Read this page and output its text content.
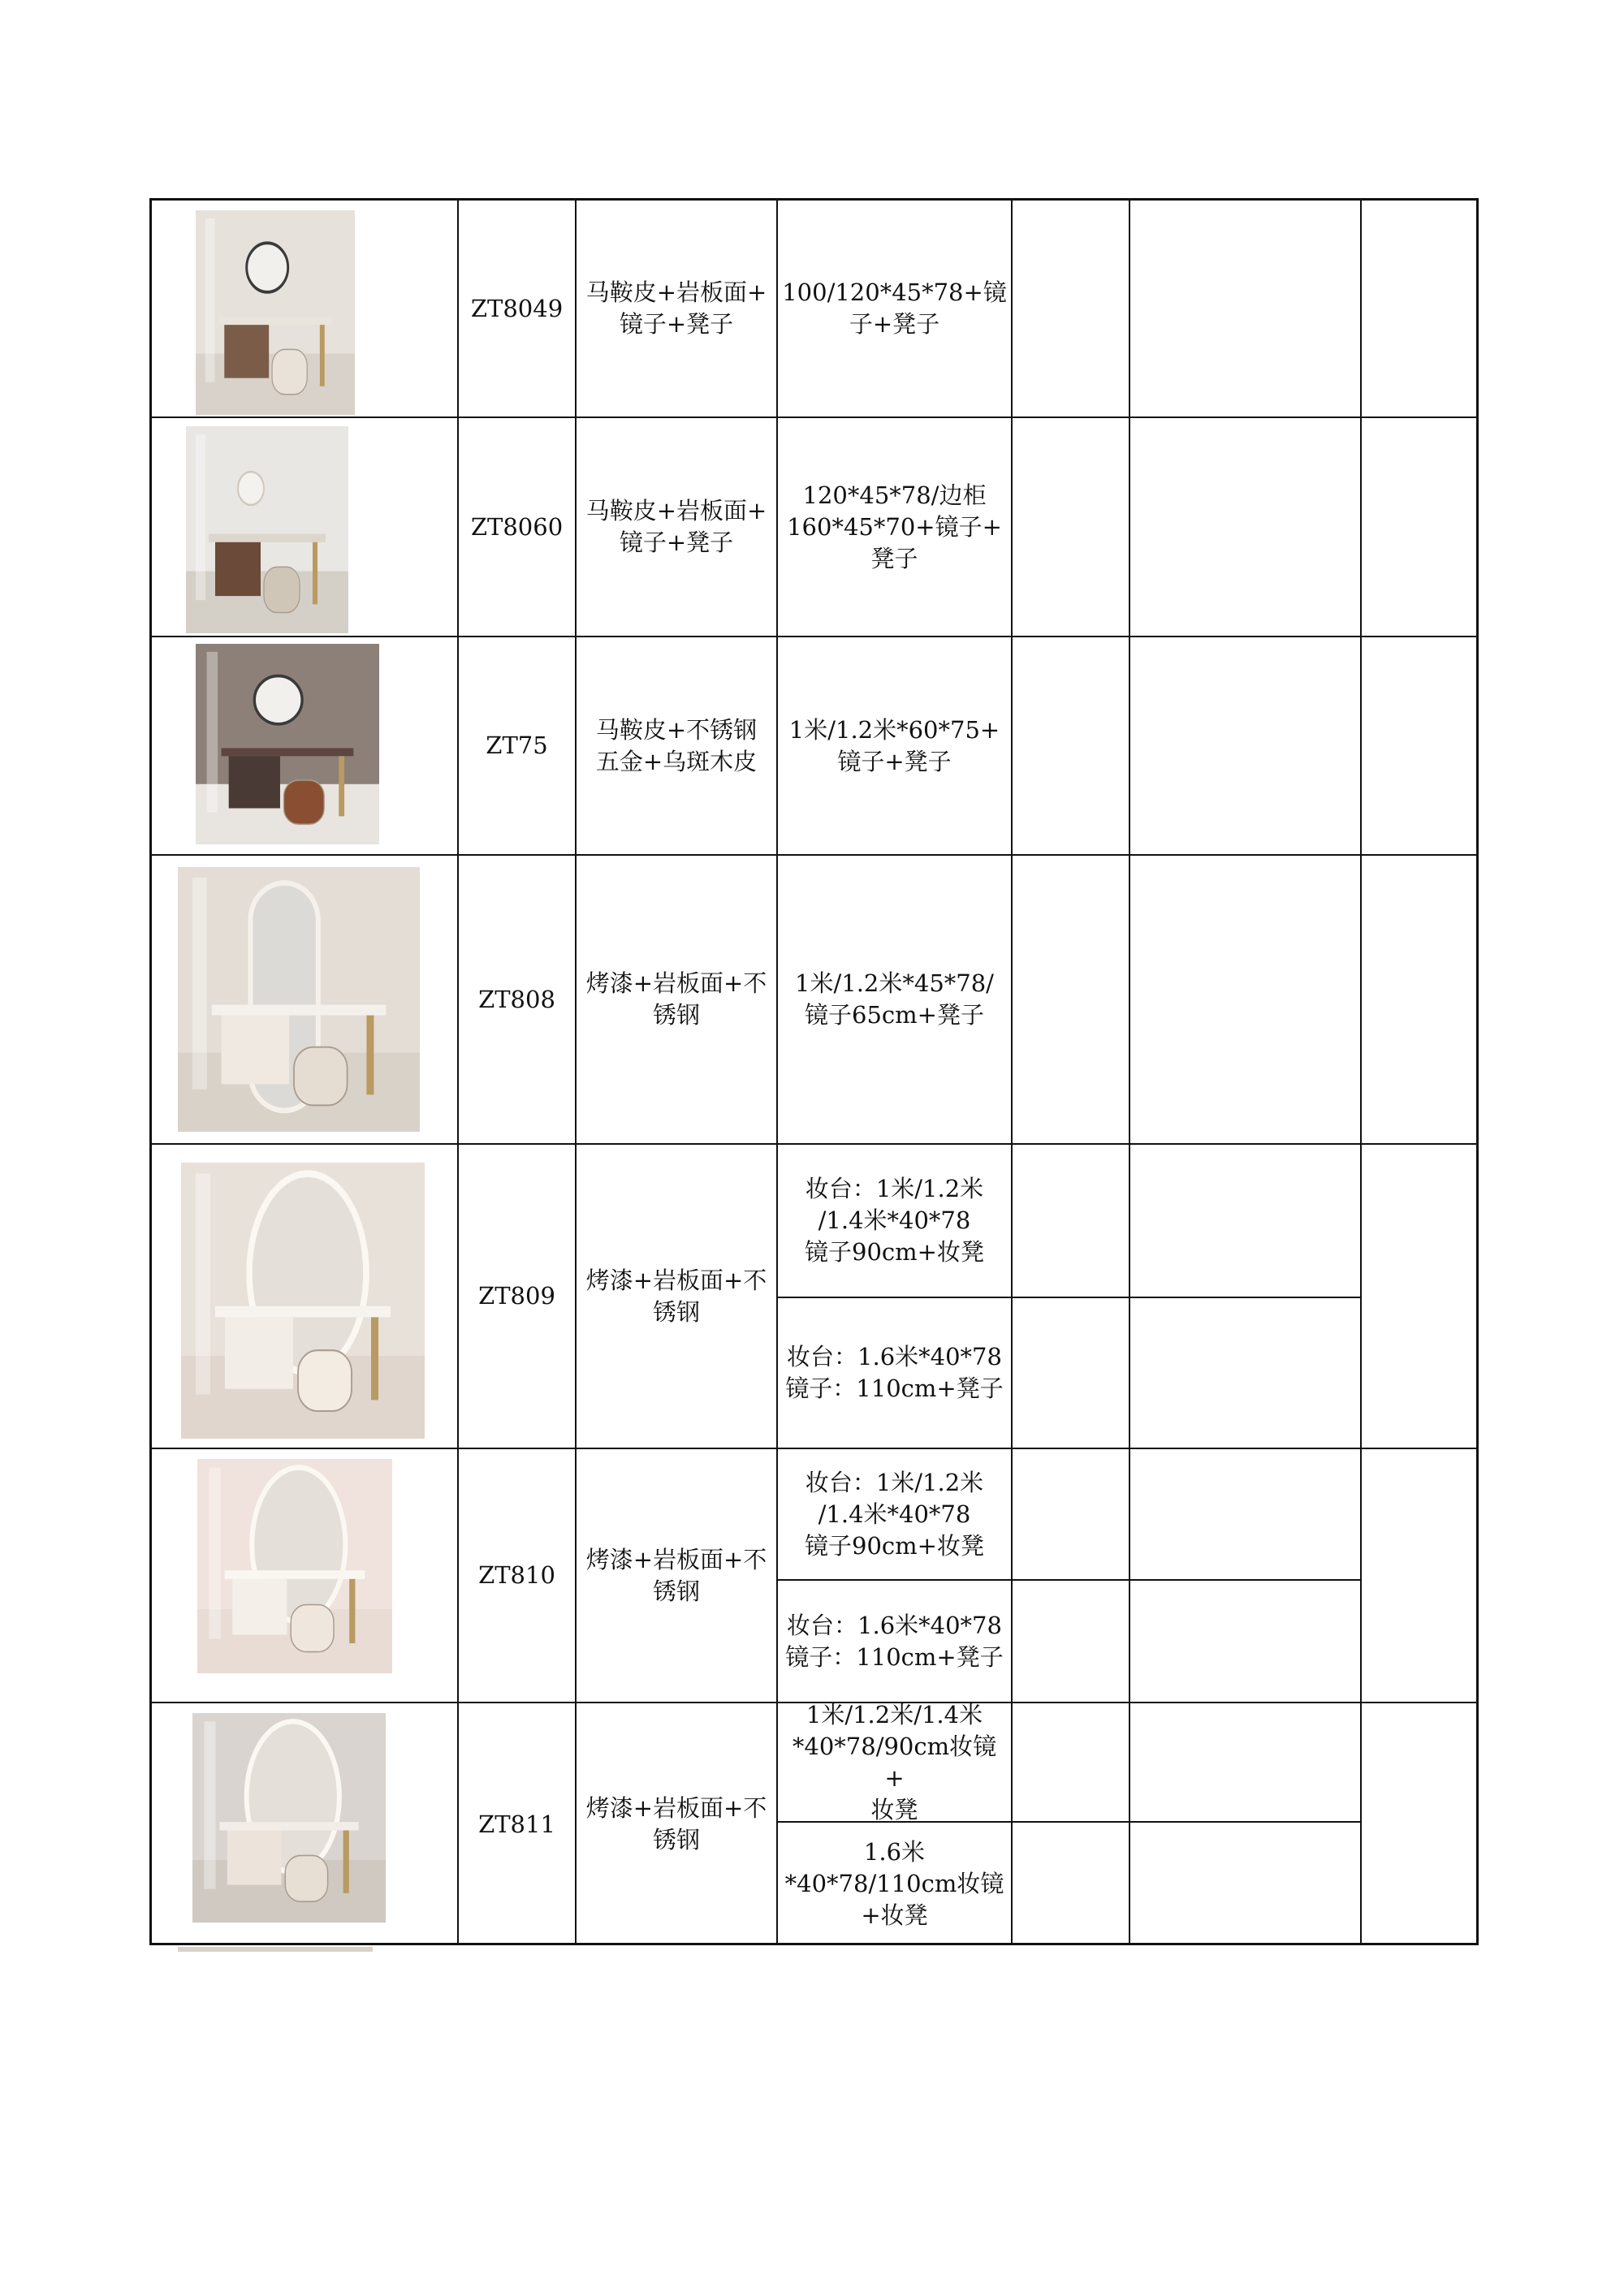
ZT8049
马鞍皮+岩板面+
镜子+凳子
100/120*45*78+镜
子+凳子
ZT8060
马鞍皮+岩板面+
镜子+凳子
120*45*78/边柜
160*45*70+镜子+
凳子
ZT75
马鞍皮+不锈钢
五金+乌斑木皮
1米/1.2米*60*75+
镜子+凳子
ZT808
烤漆+岩板面+不
锈钢
1米/1.2米*45*78/
镜子65cm+凳子
ZT809
烤漆+岩板面+不
锈钢
妆台：1米/1.2米
/1.4米*40*78
镜子90cm+妆凳
妆台：1.6米*40*78
镜子：110cm+凳子
ZT810
烤漆+岩板面+不
锈钢
妆台：1米/1.2米
/1.4米*40*78
镜子90cm+妆凳
妆台：1.6米*40*78
镜子：110cm+凳子
ZT811
烤漆+岩板面+不
锈钢
1米/1.2米/1.4米
*40*78/90cm妆镜+
妆凳
1.6米
*40*78/110cm妆镜
+妆凳
